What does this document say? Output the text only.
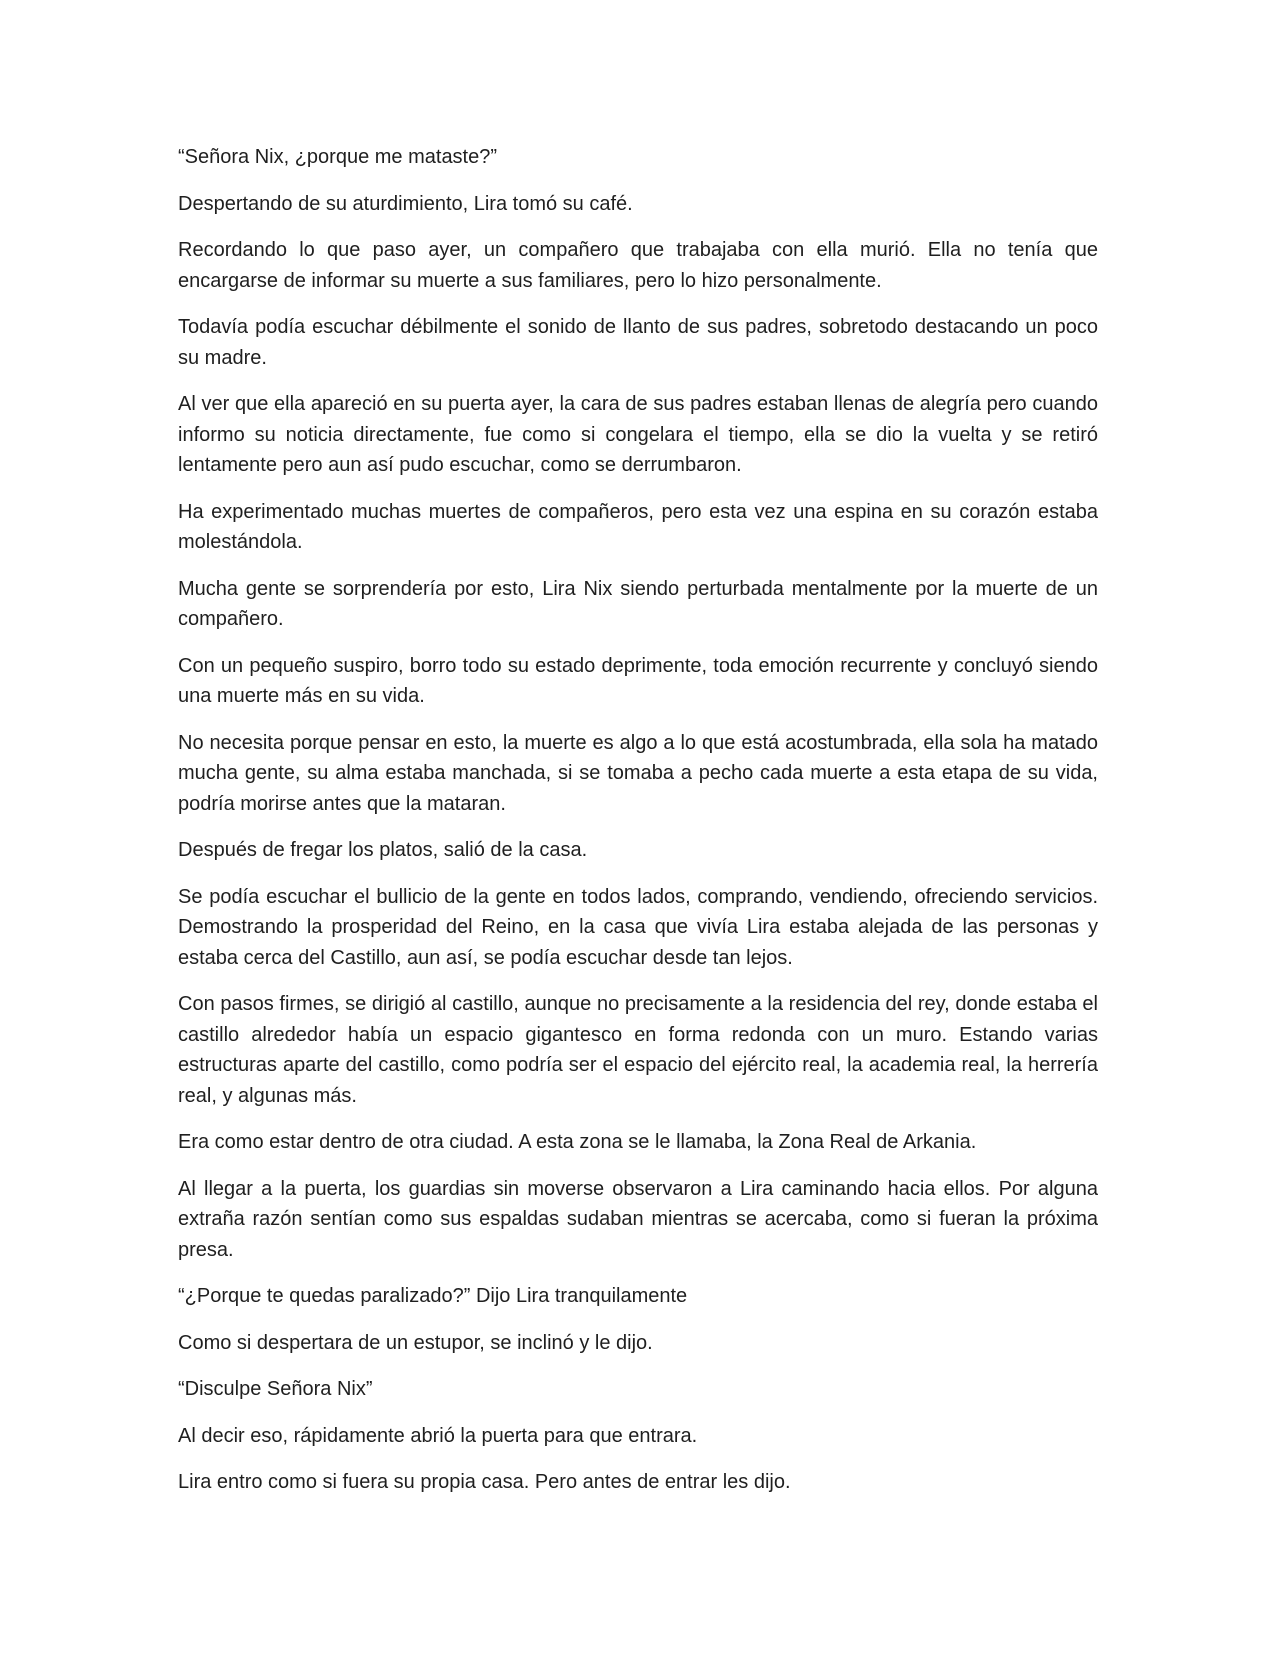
“Señora Nix, ¿porque me mataste?”

Despertando de su aturdimiento, Lira tomó su café.

Recordando lo que paso ayer, un compañero que trabajaba con ella murió. Ella no tenía que encargarse de informar su muerte a sus familiares, pero lo hizo personalmente.

Todavía podía escuchar débilmente el sonido de llanto de sus padres, sobretodo destacando un poco su madre.

Al ver que ella apareció en su puerta ayer, la cara de sus padres estaban llenas de alegría pero cuando informo su noticia directamente, fue como si congelara el tiempo, ella se dio la vuelta y se retiró lentamente pero aun así pudo escuchar, como se derrumbaron.

Ha experimentado muchas muertes de compañeros, pero esta vez una espina en su corazón estaba molestándola.

Mucha gente se sorprendería por esto, Lira Nix siendo perturbada mentalmente por la muerte de un compañero.

Con un pequeño suspiro, borro todo su estado deprimente, toda emoción recurrente y concluyó siendo una muerte más en su vida.

No necesita porque pensar en esto, la muerte es algo a lo que está acostumbrada, ella sola ha matado mucha gente, su alma estaba manchada, si se tomaba a pecho cada muerte a esta etapa de su vida, podría morirse antes que la mataran.

Después de fregar los platos, salió de la casa.

Se podía escuchar el bullicio de la gente en todos lados, comprando, vendiendo, ofreciendo servicios. Demostrando la prosperidad del Reino, en la casa que vivía Lira estaba alejada de las personas y estaba cerca del Castillo, aun así, se podía escuchar desde tan lejos.

Con pasos firmes, se dirigió al castillo, aunque no precisamente a la residencia del rey, donde estaba el castillo alrededor había un espacio gigantesco en forma redonda con un muro. Estando varias estructuras aparte del castillo, como podría ser el espacio del ejército real, la academia real, la herrería real, y algunas más.

Era como estar dentro de otra ciudad. A esta zona se le llamaba, la Zona Real de Arkania.

Al llegar a la puerta, los guardias sin moverse observaron a Lira caminando hacia ellos. Por alguna extraña razón sentían como sus espaldas sudaban mientras se acercaba, como si fueran la próxima presa.

“¿Porque te quedas paralizado?” Dijo Lira tranquilamente

Como si despertara de un estupor, se inclinó y le dijo.

“Disculpe Señora Nix”

Al decir eso, rápidamente abrió la puerta para que entrara.

Lira entro como si fuera su propia casa. Pero antes de entrar les dijo.
